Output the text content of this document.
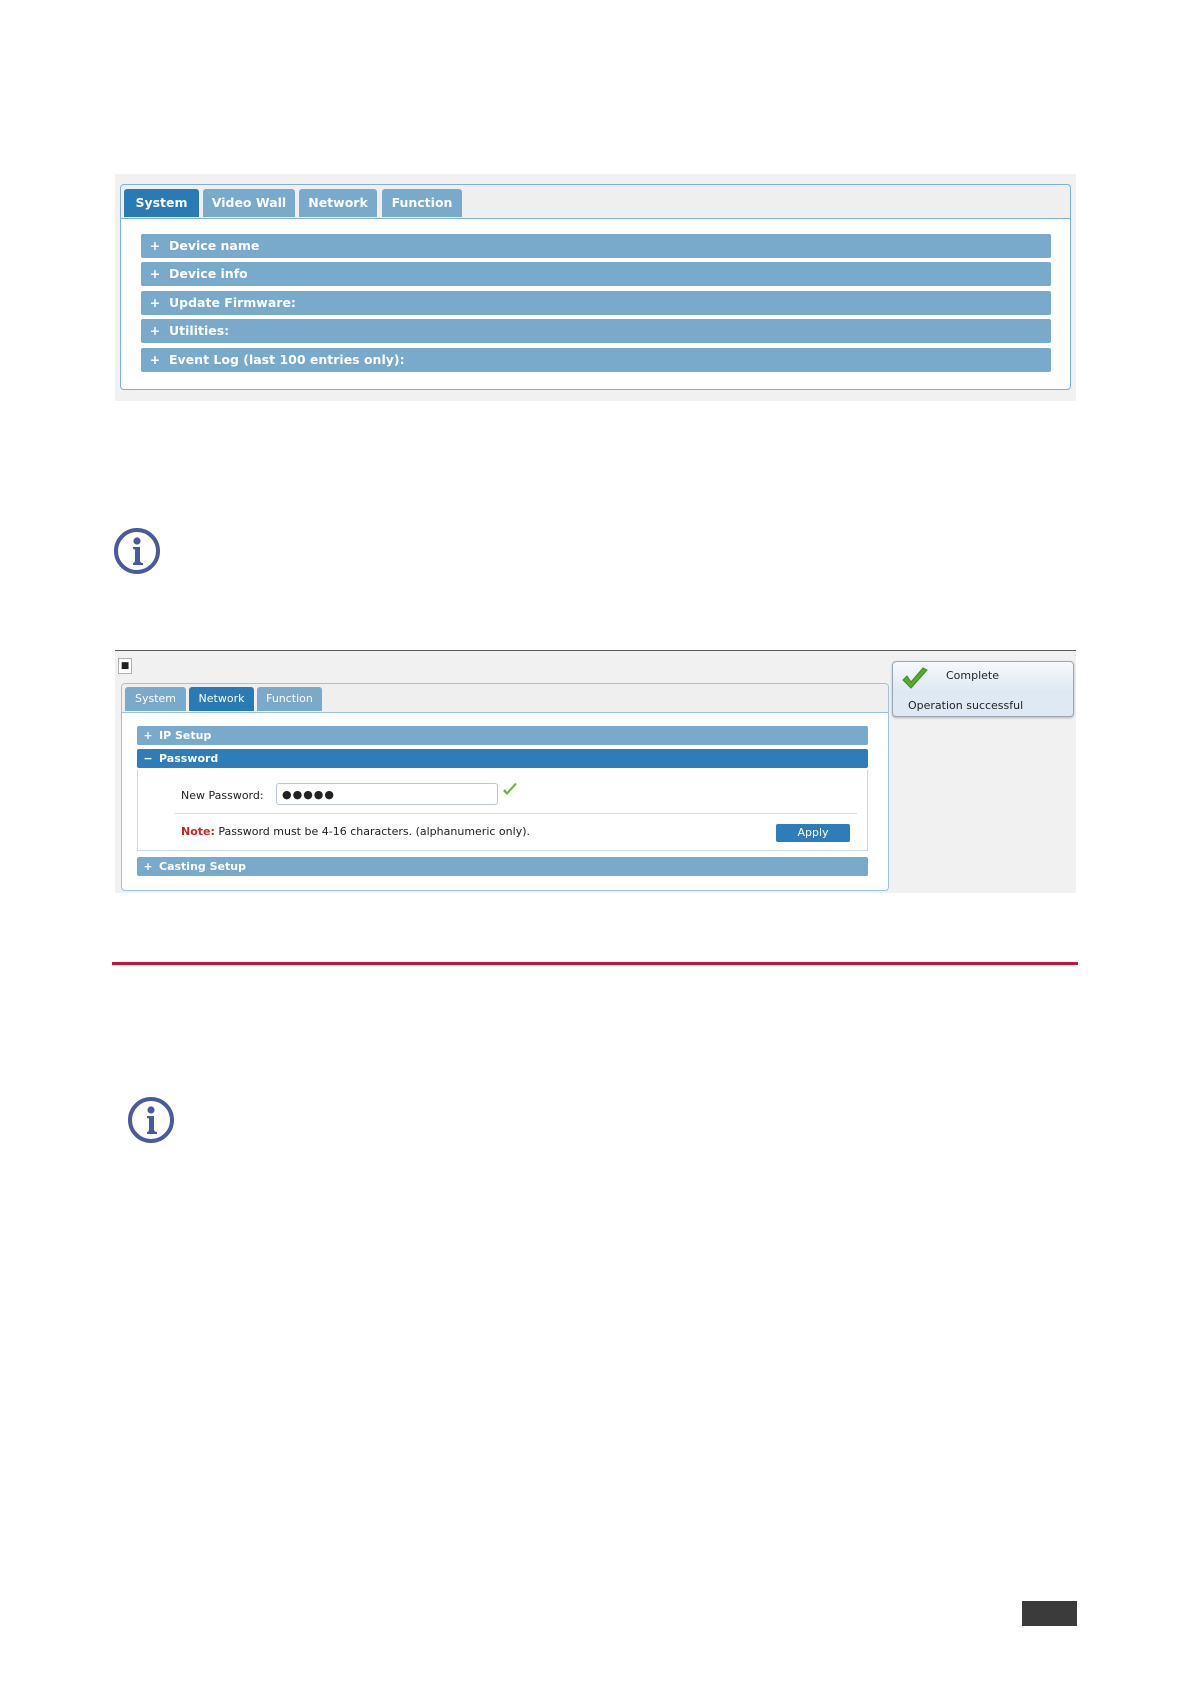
System	Video Wall	Network	Function
+ Device name
+ Device info
+ Update Firmware:
+ Utilities:
+ Event Log (last 100 entries only):
■
System	Network	Function
+ IP Setup
− Password
New Password:	●●●●●
Note: Password must be 4-16 characters. (alphanumeric only).	Apply
+ Casting Setup
Complete
Operation successful
